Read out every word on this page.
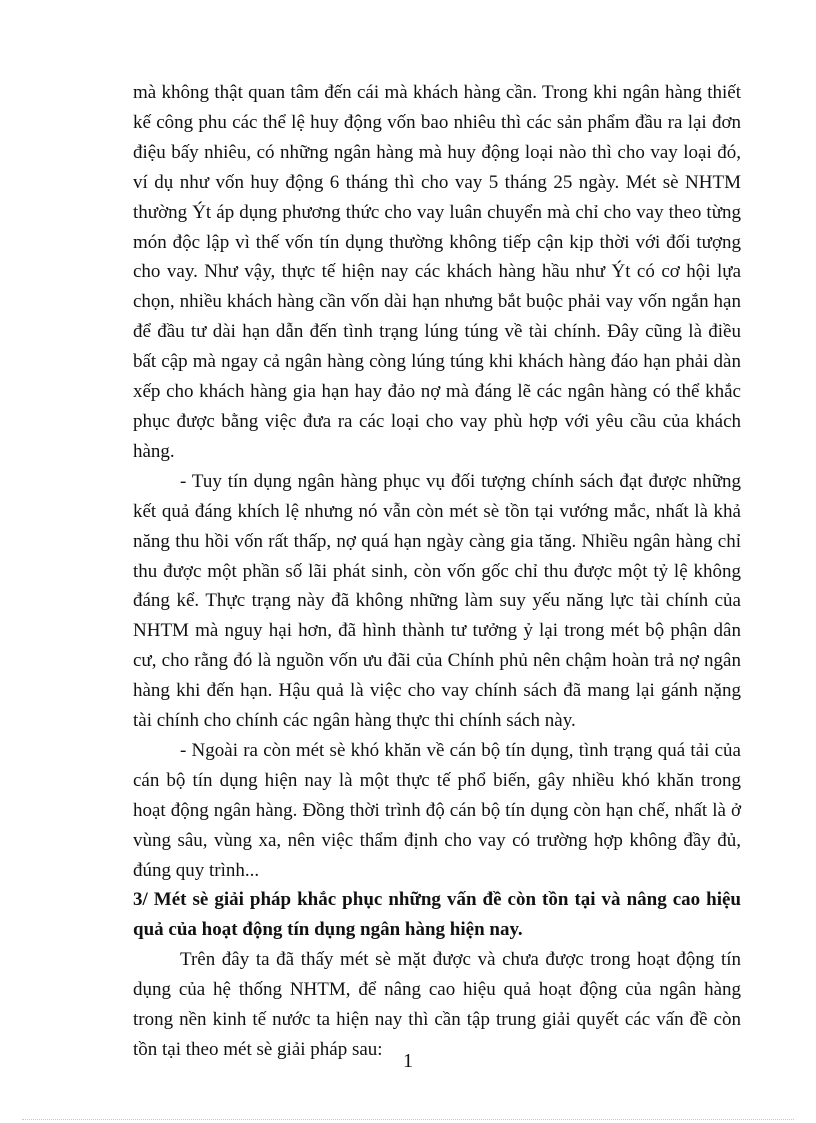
mà không thật quan tâm đến cái mà khách hàng cần. Trong khi ngân hàng thiết kế công phu các thể lệ huy động vốn bao nhiêu thì các sản phẩm đầu ra lại đơn điệu bấy nhiêu, có những ngân hàng mà huy động loại nào thì cho vay loại đó, ví dụ như vốn huy động 6 tháng thì cho vay 5 tháng 25 ngày. Mét sè NHTM thường Ýt áp dụng phương thức cho vay luân chuyển mà chỉ cho vay theo từng món độc lập vì thế vốn tín dụng thường không tiếp cận kịp thời với đối tượng cho vay. Như vậy, thực tế hiện nay các khách hàng hầu như Ýt có cơ hội lựa chọn, nhiều khách hàng cần vốn dài hạn nhưng bắt buộc phải vay vốn ngắn hạn để đầu tư dài hạn dẫn đến tình trạng lúng túng về tài chính. Đây cũng là điều bất cập mà ngay cả ngân hàng còng lúng túng khi khách hàng đáo hạn phải dàn xếp cho khách hàng gia hạn hay đảo nợ mà đáng lẽ các ngân hàng có thể khắc phục được bằng việc đưa ra các loại cho vay phù hợp với yêu cầu của khách hàng.

- Tuy tín dụng ngân hàng phục vụ đối tượng chính sách đạt được những kết quả đáng khích lệ nhưng nó vẫn còn mét sè tồn tại vướng mắc, nhất là khả năng thu hồi vốn rất thấp, nợ quá hạn ngày càng gia tăng. Nhiều ngân hàng chỉ thu được một phần số lãi phát sinh, còn vốn gốc chỉ thu được một tỷ lệ không đáng kể. Thực trạng này đã không những làm suy yếu năng lực tài chính của NHTM mà nguy hại hơn, đã hình thành tư tưởng ỷ lại trong mét bộ phận dân cư, cho rằng đó là nguồn vốn ưu đãi của Chính phủ nên chậm hoàn trả nợ ngân hàng khi đến hạn. Hậu quả là việc cho vay chính sách đã mang lại gánh nặng tài chính cho chính các ngân hàng thực thi chính sách này.

- Ngoài ra còn mét sè khó khăn về cán bộ tín dụng, tình trạng quá tải của cán bộ tín dụng hiện nay là một thực tế phổ biến, gây nhiều khó khăn trong hoạt động ngân hàng. Đồng thời trình độ cán bộ tín dụng còn hạn chế, nhất là ở vùng sâu, vùng xa, nên việc thẩm định cho vay có trường hợp không đầy đủ, đúng quy trình...

3/ Mét sè giải pháp khắc phục những vấn đề còn tồn tại và nâng cao hiệu quả của hoạt động tín dụng ngân hàng hiện nay.

Trên đây ta đã thấy mét sè mặt được và chưa được trong hoạt động tín dụng của hệ thống NHTM, để nâng cao hiệu quả hoạt động của ngân hàng trong nền kinh tế nước ta hiện nay thì cần tập trung giải quyết các vấn đề còn tồn tại theo mét sè giải pháp sau:

1
